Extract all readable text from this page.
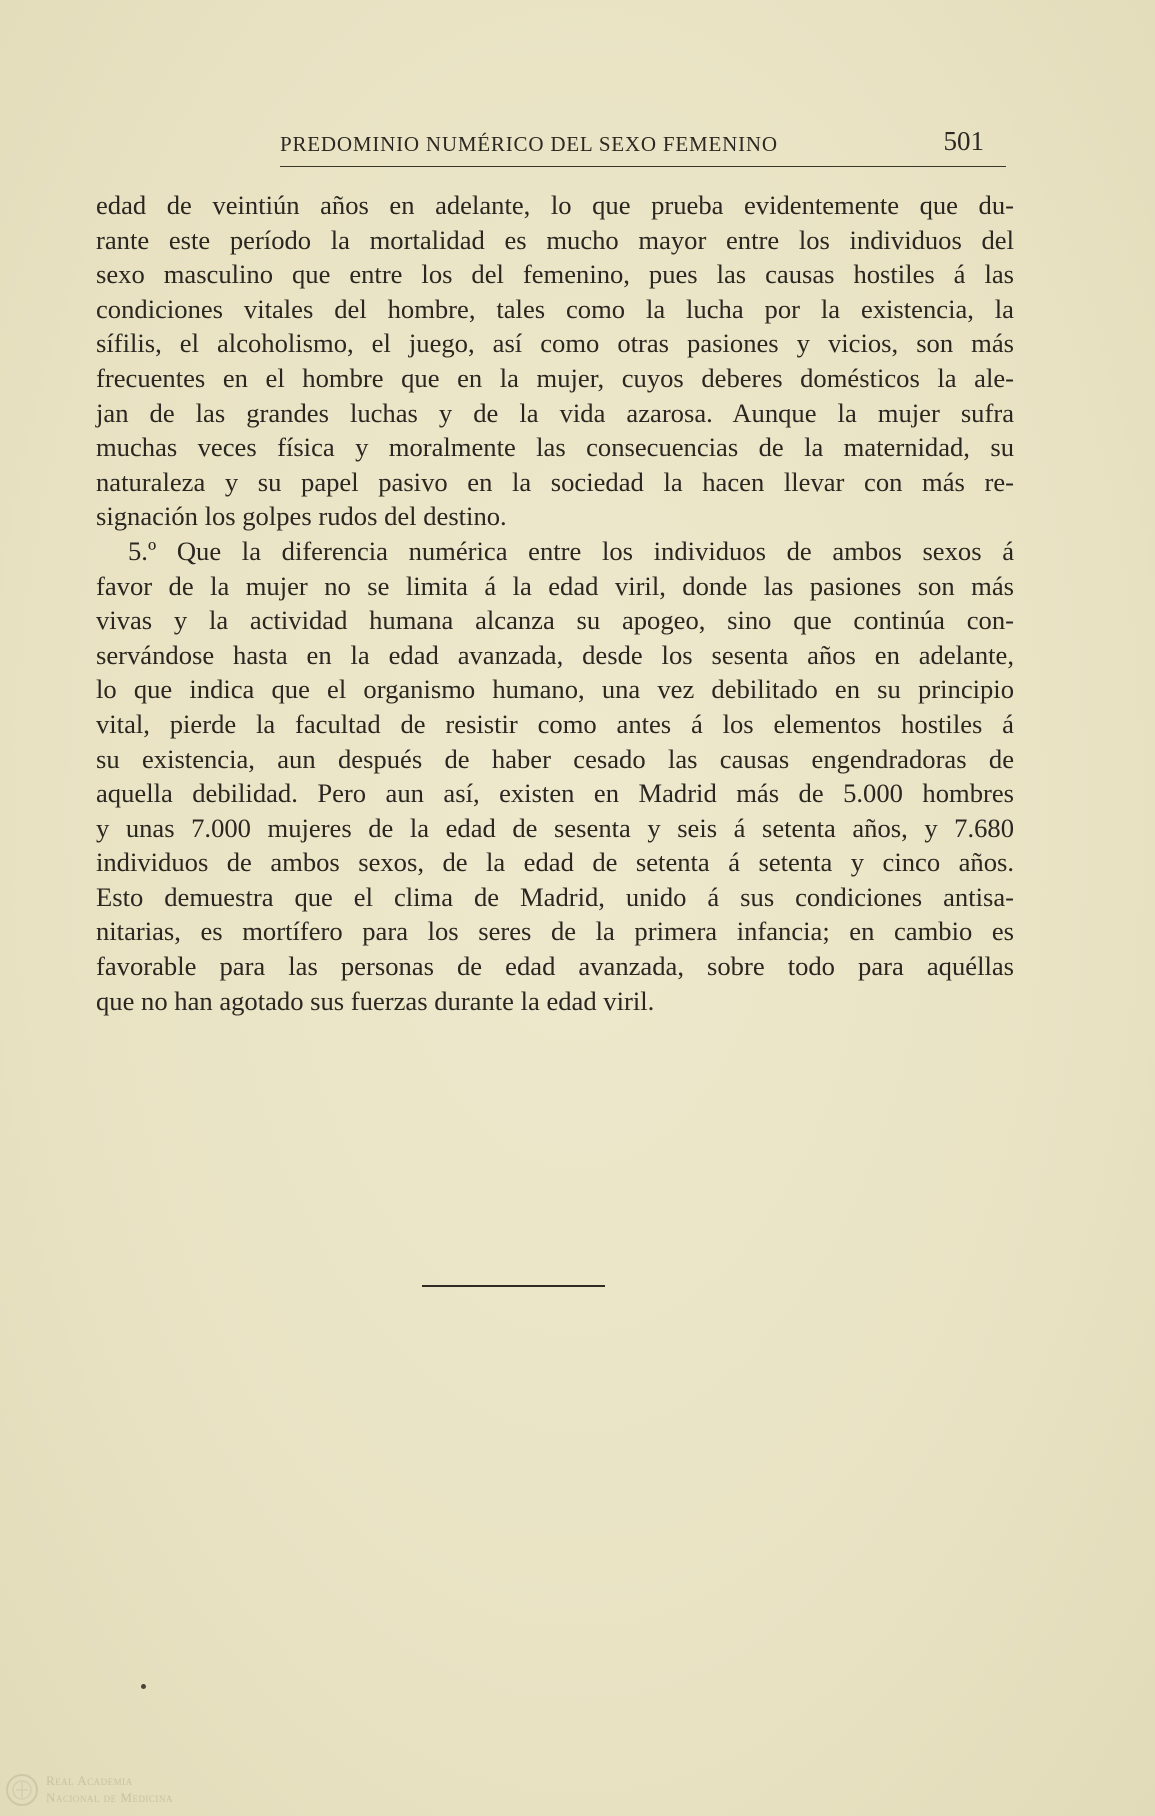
PREDOMINIO NUMÉRICO DEL SEXO FEMENINO	501

edad de veintiún años en adelante, lo que prueba evidentemente que du-
rante este período la mortalidad es mucho mayor entre los individuos del
sexo masculino que entre los del femenino, pues las causas hostiles á las
condiciones vitales del hombre, tales como la lucha por la existencia, la
sífilis, el alcoholismo, el juego, así como otras pasiones y vicios, son más
frecuentes en el hombre que en la mujer, cuyos deberes domésticos la ale-
jan de las grandes luchas y de la vida azarosa. Aunque la mujer sufra
muchas veces física y moralmente las consecuencias de la maternidad, su
naturaleza y su papel pasivo en la sociedad la hacen llevar con más re-
signación los golpes rudos del destino.

5.º Que la diferencia numérica entre los individuos de ambos sexos á
favor de la mujer no se limita á la edad viril, donde las pasiones son más
vivas y la actividad humana alcanza su apogeo, sino que continúa con-
servándose hasta en la edad avanzada, desde los sesenta años en adelante,
lo que indica que el organismo humano, una vez debilitado en su principio
vital, pierde la facultad de resistir como antes á los elementos hostiles á
su existencia, aun después de haber cesado las causas engendradoras de
aquella debilidad. Pero aun así, existen en Madrid más de 5.000 hombres
y unas 7.000 mujeres de la edad de sesenta y seis á setenta años, y 7.680
individuos de ambos sexos, de la edad de setenta á setenta y cinco años.
Esto demuestra que el clima de Madrid, unido á sus condiciones antisa-
nitarias, es mortífero para los seres de la primera infancia; en cambio es
favorable para las personas de edad avanzada, sobre todo para aquéllas
que no han agotado sus fuerzas durante la edad viril.

Real Academia
Nacional de Medicina
